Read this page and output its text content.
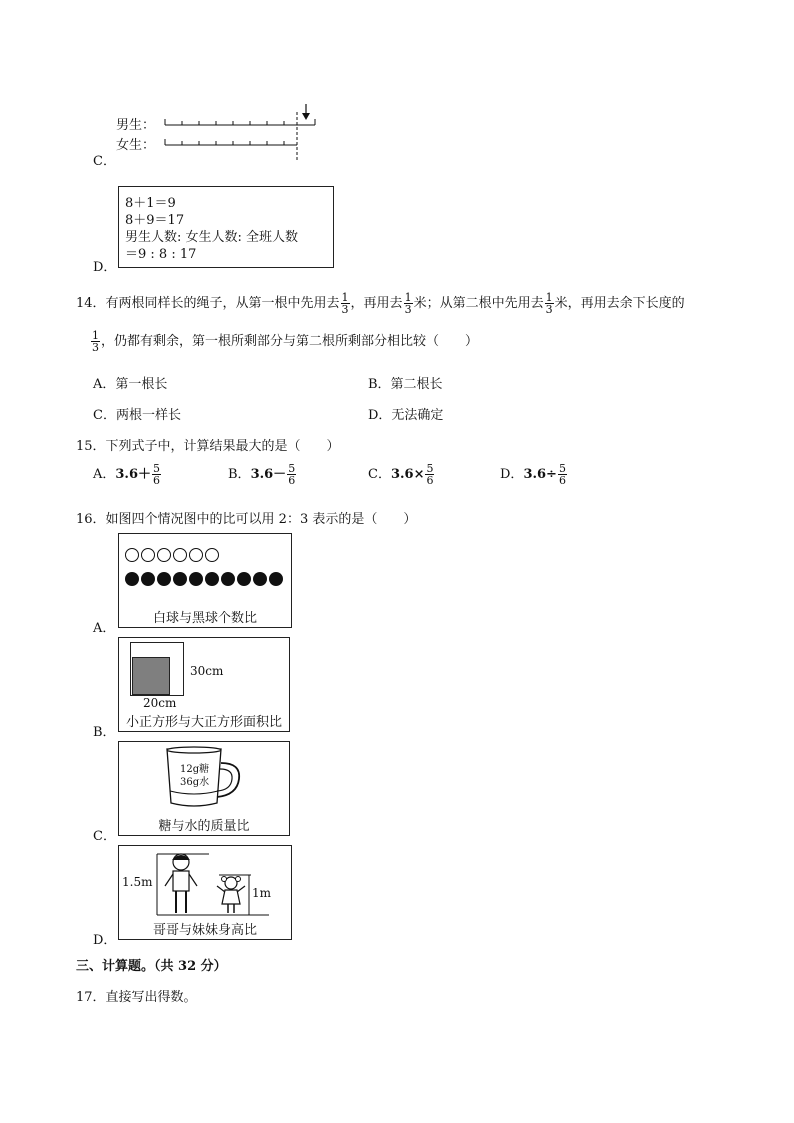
男生：
女生：
C．
8＋1＝9
8＋9＝17
男生人数: 女生人数: 全班人数
＝9 : 8 : 17
D．
14．有两根同样长的绳子，从第一根中先用去 $\frac{1}{3}$ ，再用去 $\frac{1}{3}$ 米；从第二根中先用去 $\frac{1}{3}$ 米，再用去余下长度的
$\frac{1}{3}$ ，仍都有剩余，第一根所剩部分与第二根所剩部分相比较（　　）
A．第一根长	B．第二根长
C．两根一样长	D．无法确定
15．下列式子中，计算结果最大的是（　　）
A．$3.6+ \frac{5}{6}$	B．$3.6- \frac{5}{6}$	C．$3.6\times \frac{5}{6}$	D．$3.6\div \frac{5}{6}$
16．如图四个情况图中的比可以用 2：3 表示的是（　　）
白球与黑球个数比
A．
30cm
20cm
小正方形与大正方形面积比
B．
12g糖
36g水
糖与水的质量比
C．
1.5m
1m
哥哥与妹妹身高比
D．
三、计算题。（共 32 分）
17．直接写出得数。
